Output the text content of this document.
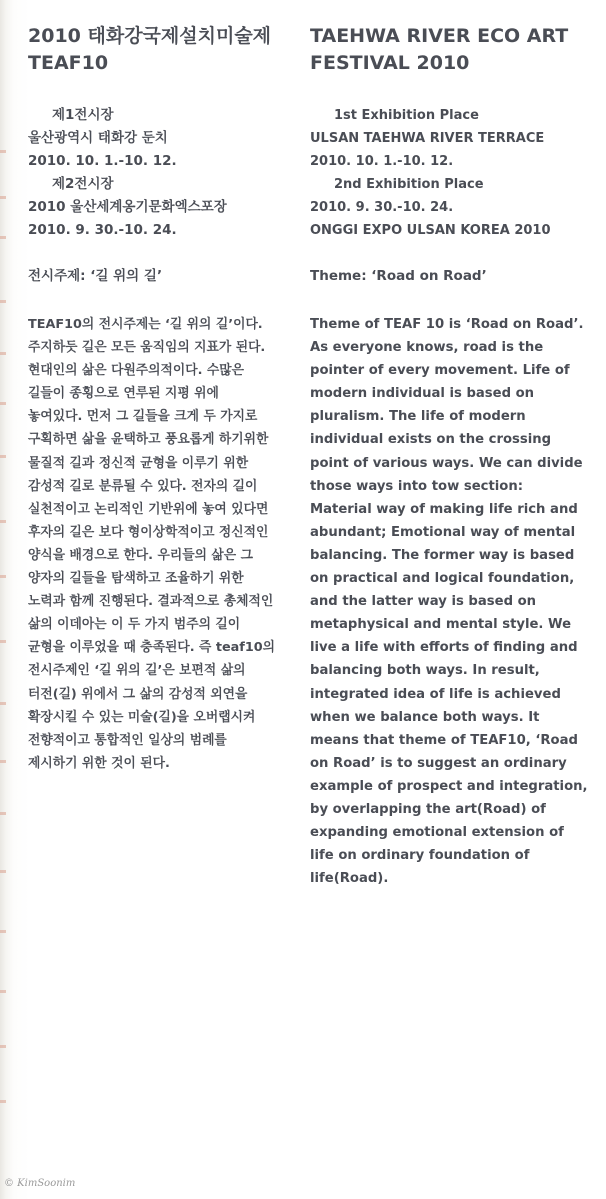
2010 태화강국제설치미술제
TEAF10
제1전시장
울산광역시 태화강 둔치
2010. 10. 1.-10. 12.
제2전시장
2010 울산세계옹기문화엑스포장
2010. 9. 30.-10. 24.
전시주제: ‘길 위의 길’
TEAF10의 전시주제는 ‘길 위의 길’이다.
주지하듯 길은 모든 움직임의 지표가 된다.
현대인의 삶은 다원주의적이다. 수많은
길들이 종횡으로 연루된 지평 위에
놓여있다. 먼저 그 길들을 크게 두 가지로
구획하면 삶을 윤택하고 풍요롭게 하기위한
물질적 길과 정신적 균형을 이루기 위한
감성적 길로 분류될 수 있다. 전자의 길이
실천적이고 논리적인 기반위에 놓여 있다면
후자의 길은 보다 형이상학적이고 정신적인
양식을 배경으로 한다. 우리들의 삶은 그
양자의 길들을 탐색하고 조율하기 위한
노력과 함께 진행된다. 결과적으로 총체적인
삶의 이데아는 이 두 가지 범주의 길이
균형을 이루었을 때 충족된다. 즉 teaf10의
전시주제인 ‘길 위의 길’은 보편적 삶의
터전(길) 위에서 그 삶의 감성적 외연을
확장시킬 수 있는 미술(길)을 오버랩시켜
전향적이고 통합적인 일상의 범례를
제시하기 위한 것이 된다.
TAEHWA RIVER ECO ART
FESTIVAL 2010
1st Exhibition Place
ULSAN TAEHWA RIVER TERRACE
2010. 10. 1.-10. 12.
2nd Exhibition Place
2010. 9. 30.-10. 24.
ONGGI EXPO ULSAN KOREA 2010
Theme: ‘Road on Road’
Theme of TEAF 10 is ‘Road on Road’.
As everyone knows, road is the
pointer of every movement. Life of
modern individual is based on
pluralism. The life of modern
individual exists on the crossing
point of various ways. We can divide
those ways into tow section:
Material way of making life rich and
abundant; Emotional way of mental
balancing. The former way is based
on practical and logical foundation,
and the latter way is based on
metaphysical and mental style. We
live a life with efforts of finding and
balancing both ways. In result,
integrated idea of life is achieved
when we balance both ways. It
means that theme of TEAF10, ‘Road
on Road’ is to suggest an ordinary
example of prospect and integration,
by overlapping the art(Road) of
expanding emotional extension of
life on ordinary foundation of
life(Road).
© KimSoonim
